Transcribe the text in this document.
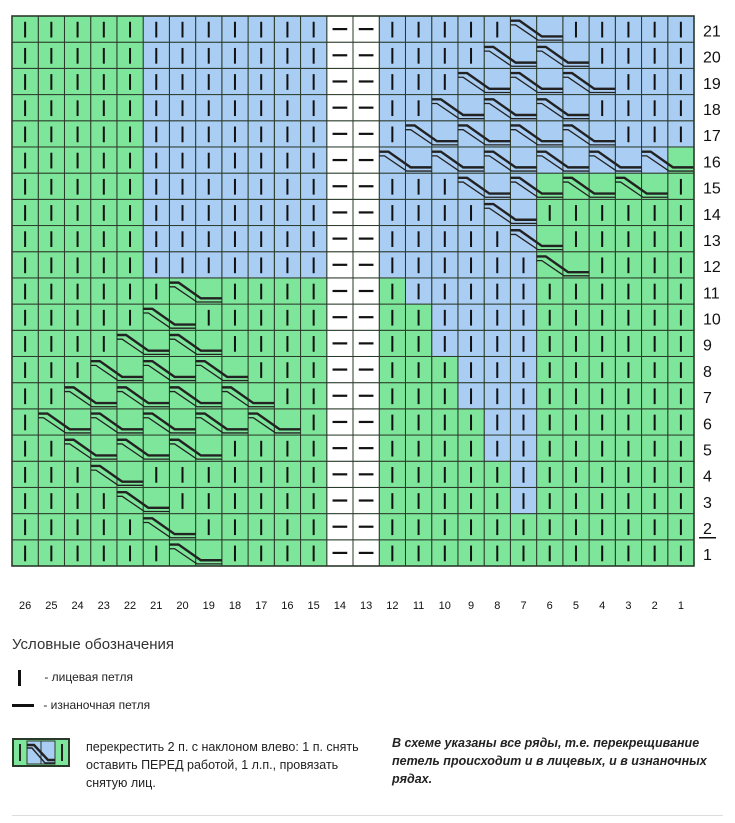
1
2
3
4
5
6
7
8
9
10
11
12
13
14
15
16
17
18
19
20
21
26 25 24 23 22 21 20 19 18 17 16 15 14 13 12 11 10 9 8 7 6 5 4 3 2 1
Условные обозначения
- лицевая петля
- изнаночная петля
перекрестить 2 п. с наклоном влево: 1 п. снять оставить ПЕРЕД работой, 1 л.п., провязать снятую лиц.
В схеме указаны все ряды, т.е. перекрещивание петель происходит и в лицевых, и в изнаночных рядах.
